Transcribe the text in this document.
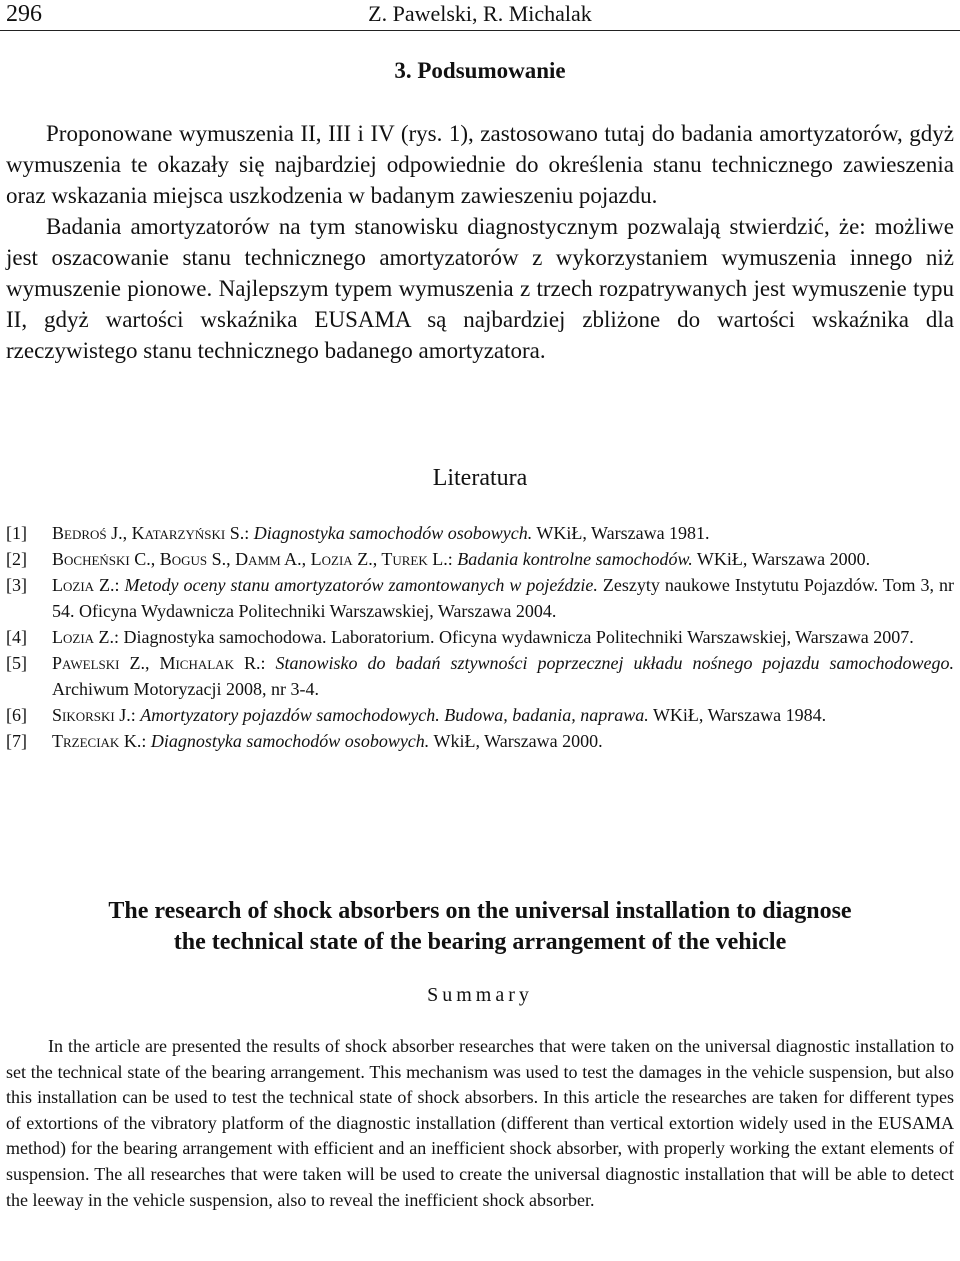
296	Z. Pawelski, R. Michalak
3. Podsumowanie

Proponowane wymuszenia II, III i IV (rys. 1), zastosowano tutaj do badania amortyzatorów, gdyż wymuszenia te okazały się najbardziej odpowiednie do określenia stanu technicznego zawieszenia oraz wskazania miejsca uszkodzenia w badanym zawieszeniu pojazdu.

Badania amortyzatorów na tym stanowisku diagnostycznym pozwalają stwierdzić, że: możliwe jest oszacowanie stanu technicznego amortyzatorów z wykorzystaniem wymuszenia innego niż wymuszenie pionowe. Najlepszym typem wymuszenia z trzech rozpatrywanych jest wymuszenie typu II, gdyż wartości wskaźnika EUSAMA są najbardziej zbliżone do wartości wskaźnika dla rzeczywistego stanu technicznego badanego amortyzatora.

Literatura
[1]	Bedroś J., Katarzyński S.: Diagnostyka samochodów osobowych. WKiŁ, Warszawa 1981.
[2]	Bocheński C., Bogus S., Damm A., Lozia Z., Turek L.: Badania kontrolne samochodów. WKiŁ, Warszawa 2000.
[3]	Lozia Z.: Metody oceny stanu amortyzatorów zamontowanych w pojeździe. Zeszyty naukowe Instytutu Pojazdów. Tom 3, nr 54. Oficyna Wydawnicza Politechniki Warszawskiej, Warszawa 2004.
[4]	Lozia Z.: Diagnostyka samochodowa. Laboratorium. Oficyna wydawnicza Politechniki Warszawskiej, Warszawa 2007.
[5]	Pawelski Z., Michalak R.: Stanowisko do badań sztywności poprzecznej układu nośnego pojazdu samochodowego. Archiwum Motoryzacji 2008, nr 3-4.
[6]	Sikorski J.: Amortyzatory pojazdów samochodowych. Budowa, badania, naprawa. WKiŁ, Warszawa 1984.
[7]	Trzeciak K.: Diagnostyka samochodów osobowych. WkiŁ, Warszawa 2000.
The research of shock absorbers on the universal installation to diagnose
the technical state of the bearing arrangement of the vehicle
Summary

In the article are presented the results of shock absorber researches that were taken on the universal diagnostic installation to set the technical state of the bearing arrangement. This mechanism was used to test the damages in the vehicle suspension, but also this installation can be used to test the technical state of shock absorbers. In this article the researches are taken for different types of extortions of the vibratory platform of the diagnostic installation (different than vertical extortion widely used in the EUSAMA method) for the bearing arrangement with efficient and an inefficient shock absorber, with properly working the extant elements of suspension. The all researches that were taken will be used to create the universal diagnostic installation that will be able to detect the leeway in the vehicle suspension, also to reveal the inefficient shock absorber.
